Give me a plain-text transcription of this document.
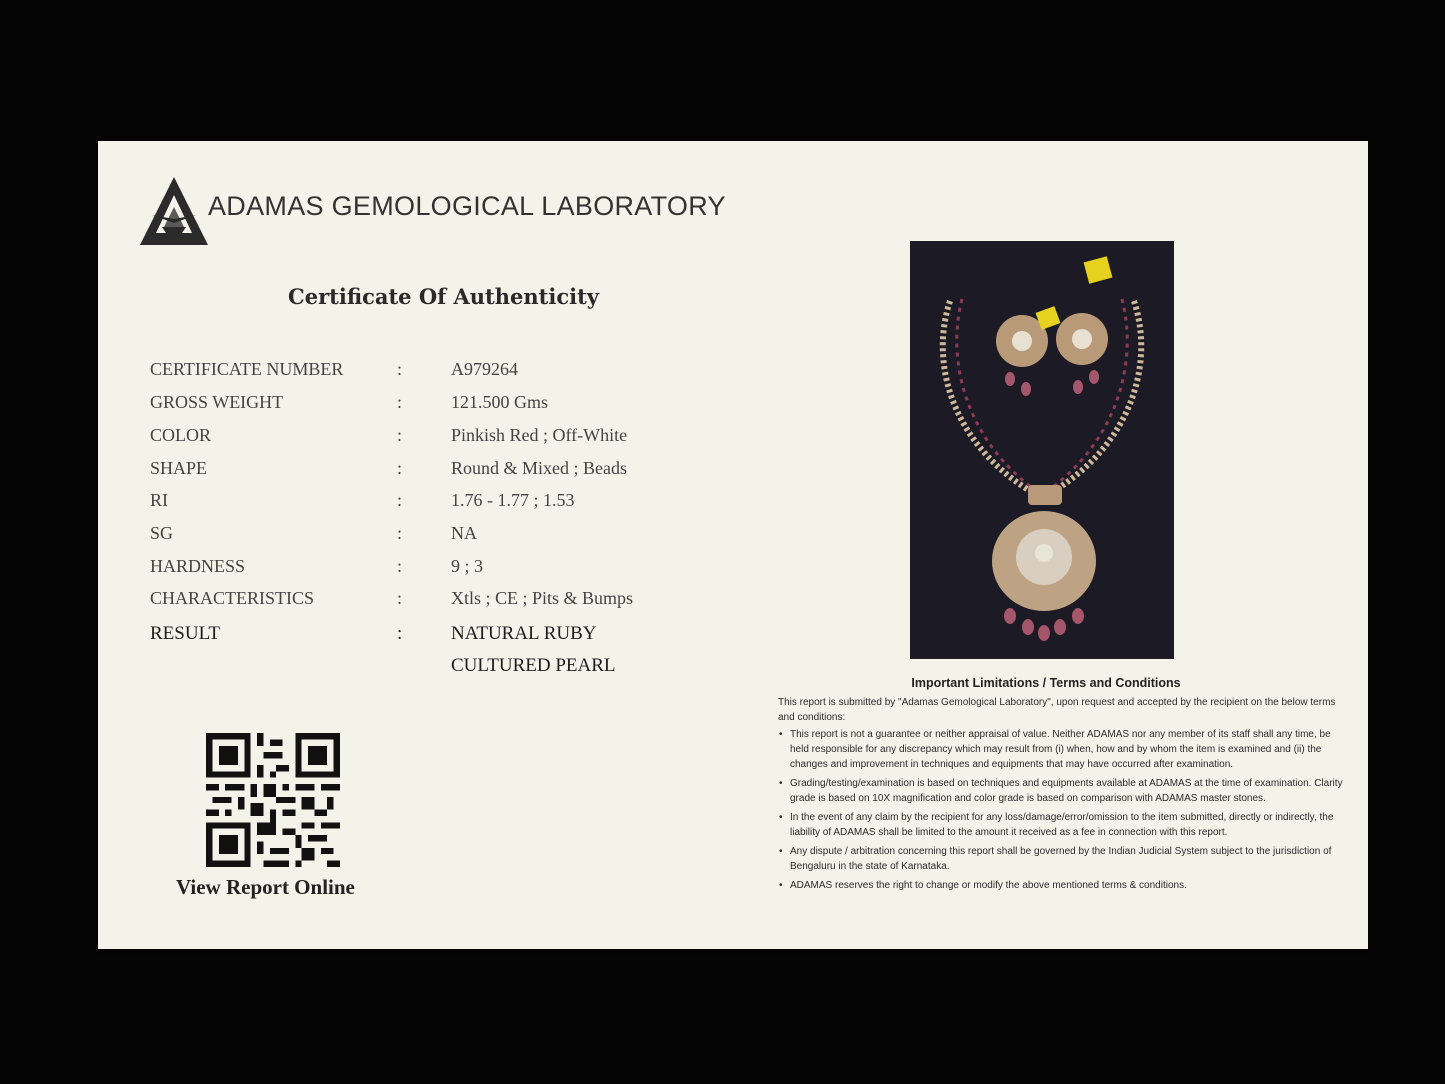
ADAMAS GEMOLOGICAL LABORATORY
Certificate Of Authenticity
CERTIFICATE NUMBER	:	A979264
GROSS WEIGHT	:	121.500 Gms
COLOR	:	Pinkish Red ; Off-White
SHAPE	:	Round & Mixed ; Beads
RI	:	1.76 - 1.77 ; 1.53
SG	:	NA
HARDNESS	:	9 ; 3
CHARACTERISTICS	:	Xtls ; CE ; Pits & Bumps
RESULT	:	NATURAL RUBY
CULTURED PEARL
View Report Online
Important Limitations / Terms and Conditions

This report is submitted by "Adamas Gemological Laboratory", upon request and accepted by the recipient on the below terms and conditions:

• This report is not a guarantee or neither appraisal of value. Neither ADAMAS nor any member of its staff shall any time, be held responsible for any discrepancy which may result from (i) when, how and by whom the item is examined and (ii) the changes and improvement in techniques and equipments that may have occurred after examination.
• Grading/testing/examination is based on techniques and equipments available at ADAMAS at the time of examination. Clarity grade is based on 10X magnification and color grade is based on comparison with ADAMAS master stones.
• In the event of any claim by the recipient for any loss/damage/error/omission to the item submitted, directly or indirectly, the liability of ADAMAS shall be limited to the amount it received as a fee in connection with this report.
• Any dispute / arbitration concerning this report shall be governed by the Indian Judicial System subject to the jurisdiction of Bengaluru in the state of Karnataka.
• ADAMAS reserves the right to change or modify the above mentioned terms & conditions.
